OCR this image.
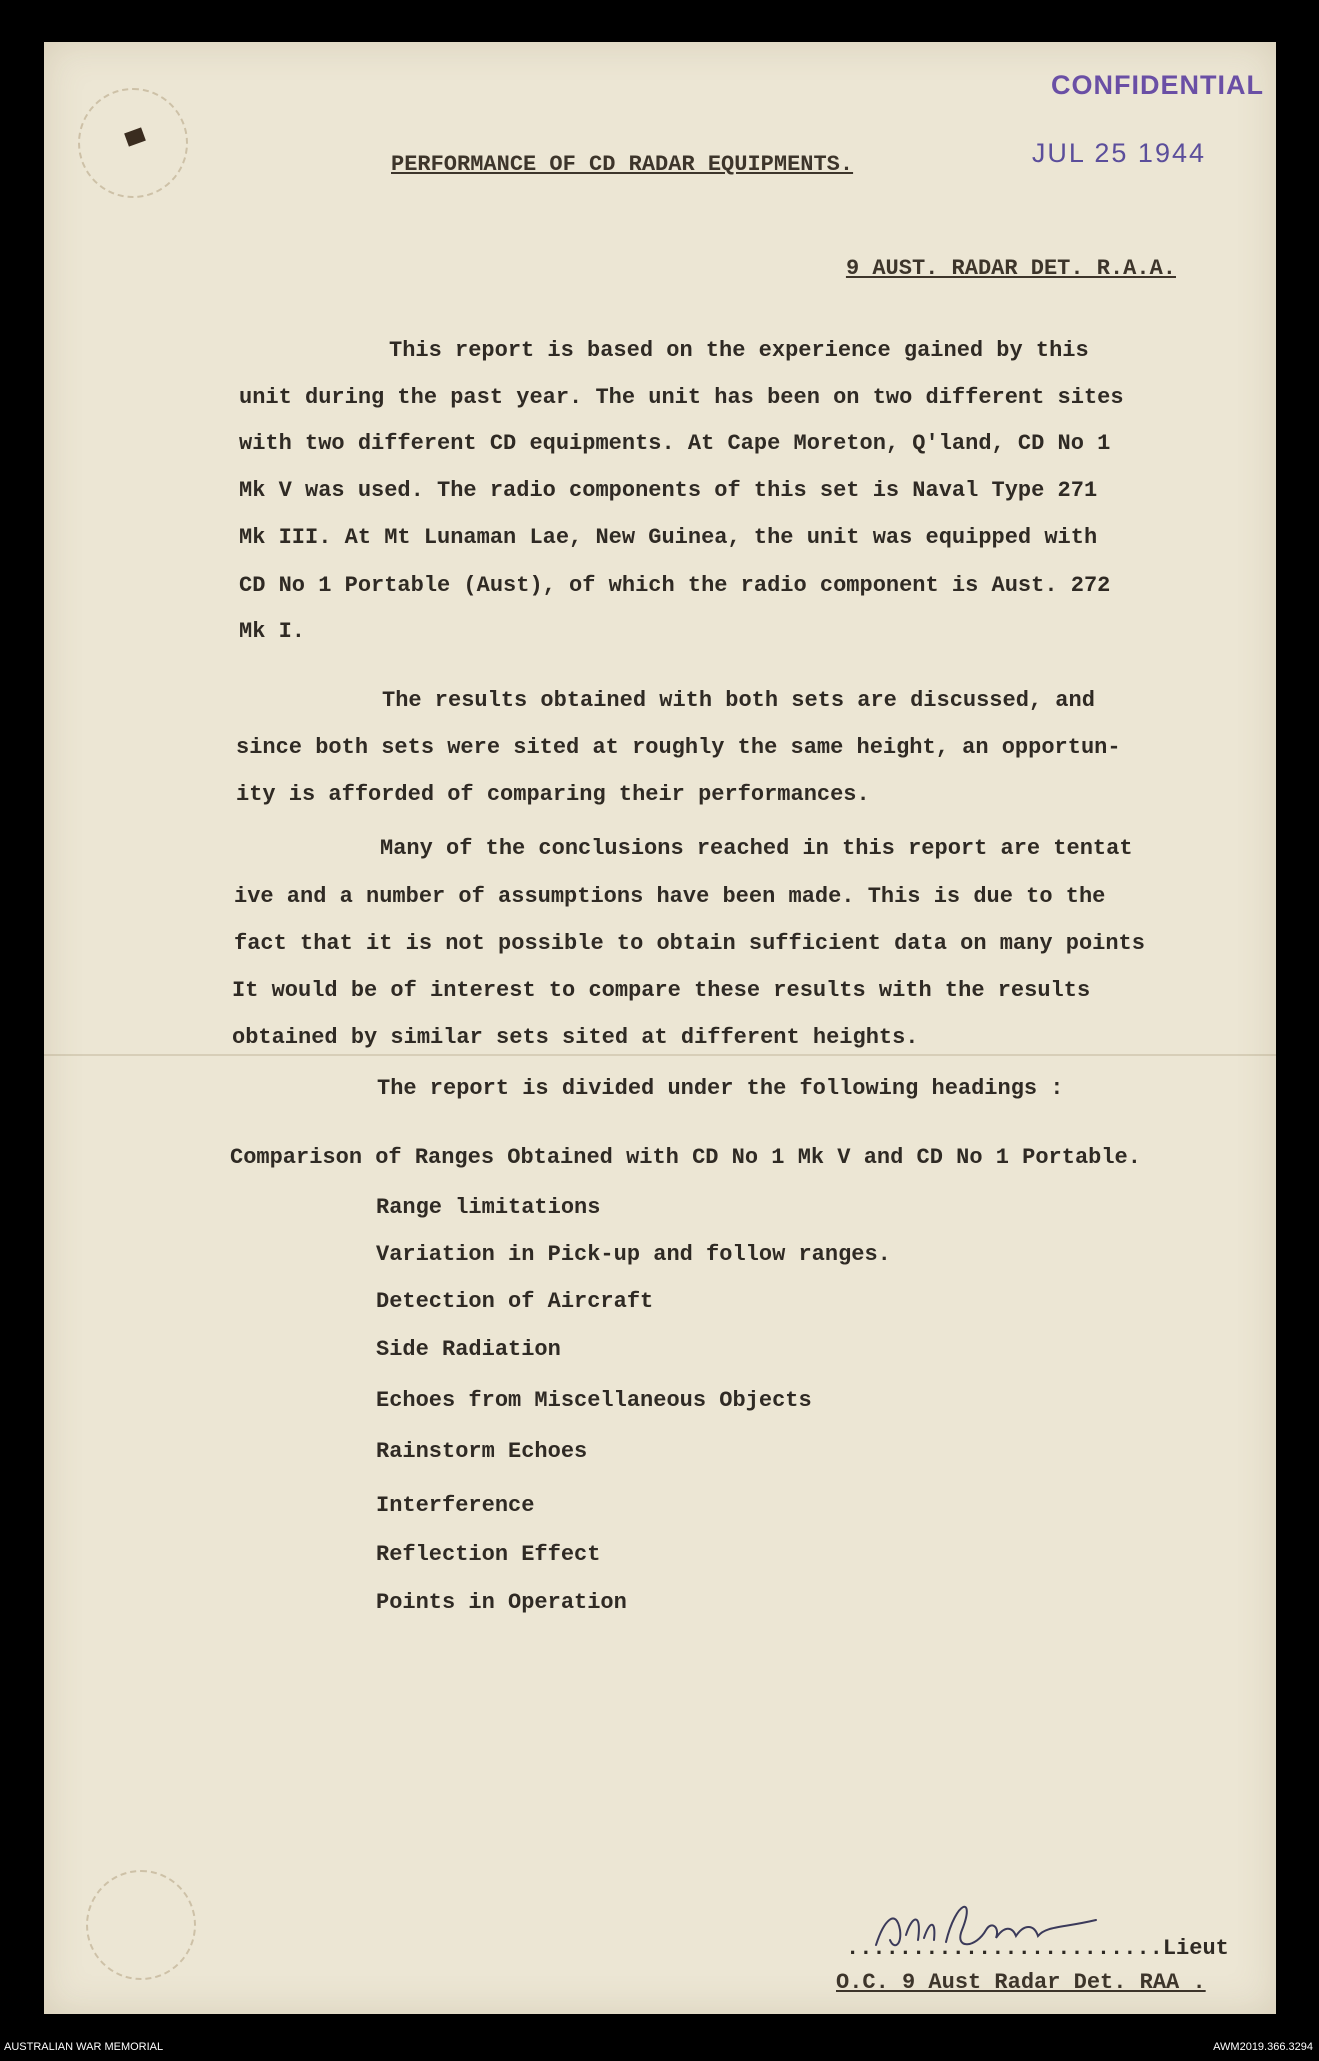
CONFIDENTIAL
JUL 25 1944
PERFORMANCE OF CD RADAR EQUIPMENTS.
9 AUST. RADAR DET. R.A.A.
This report is based on the experience gained by this
unit during the past year. The unit has been on two different sites
with two different CD equipments. At Cape Moreton, Q'land, CD No 1
Mk V was used. The radio components of this set is Naval Type 271
Mk III. At Mt Lunaman Lae, New Guinea, the unit was equipped with
CD No 1 Portable (Aust), of which the radio component is Aust. 272
Mk I.
The results obtained with both sets are discussed, and
since both sets were sited at roughly the same height, an opportun-
ity is afforded of comparing their performances.
Many of the conclusions reached in this report are tentat
ive and a number of assumptions have been made. This is due to the
fact that it is not possible to obtain sufficient data on many points
It would be of interest to compare these results with the results
obtained by similar sets sited at different heights.
The report is divided under the following headings :
Comparison of Ranges Obtained with CD No 1 Mk V and CD No 1 Portable.
Range limitations
Variation in Pick-up and follow ranges.
Detection of Aircraft
Side Radiation
Echoes from Miscellaneous Objects
Rainstorm Echoes
Interference
Reflection Effect
Points in Operation
........................Lieut
O.C. 9 Aust Radar Det. RAA .
AUSTRALIAN WAR MEMORIAL	AWM2019.366.3294
